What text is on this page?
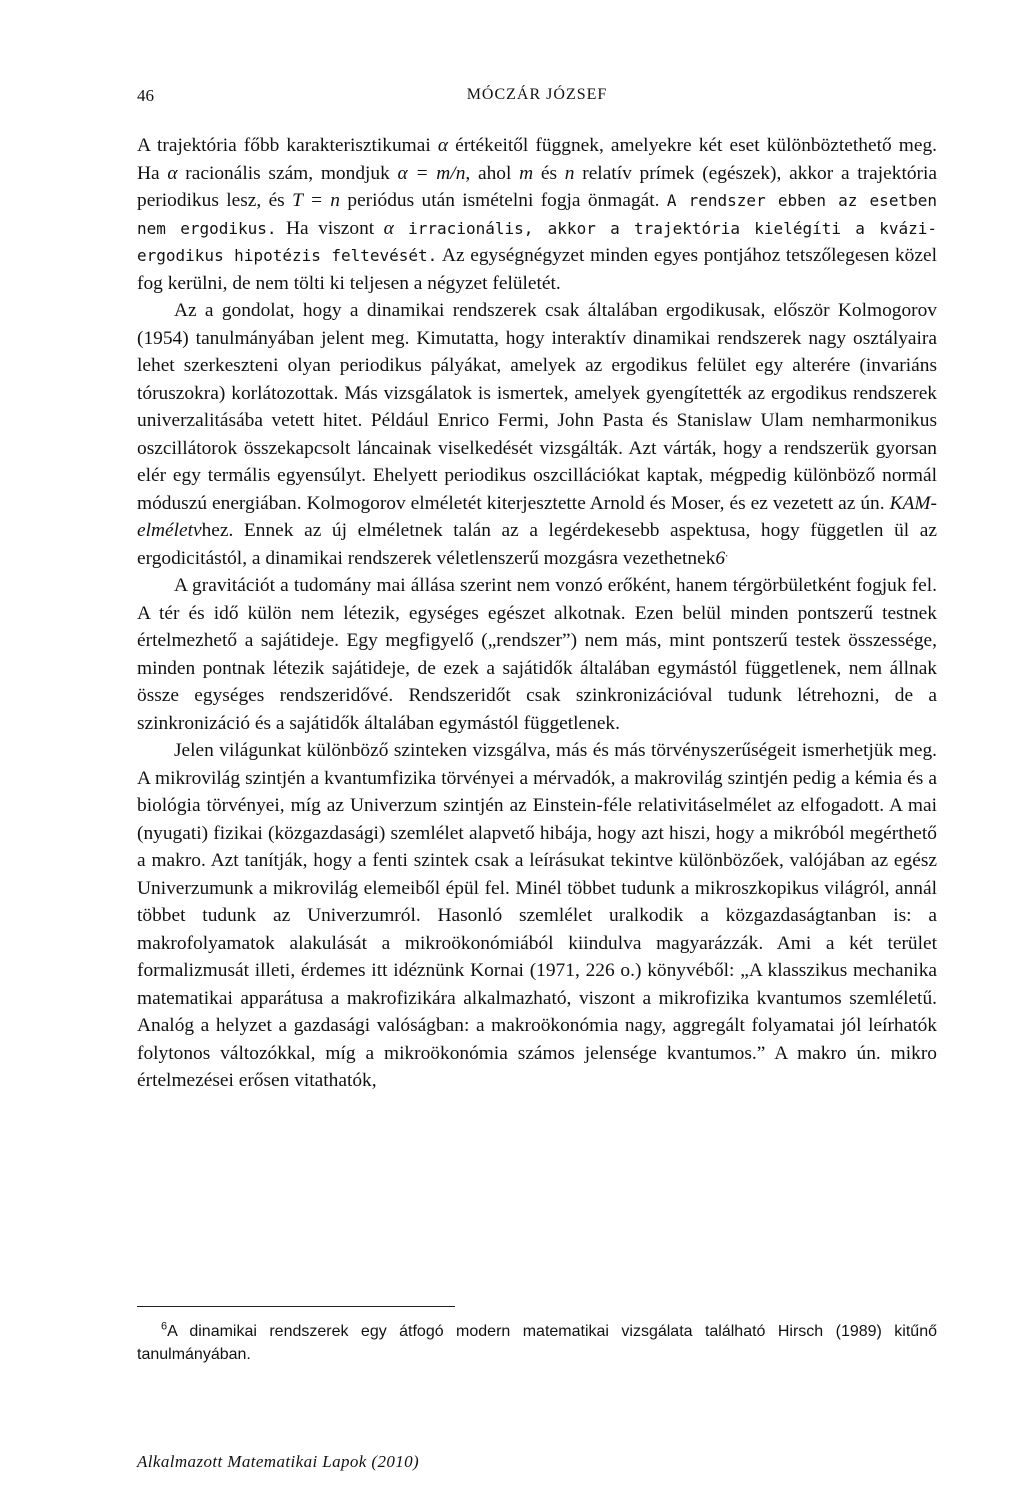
46	MÓCZÁR JÓZSEF

A trajektória főbb karakterisztikumai α értékeitől függnek, amelyekre két eset különböztethető meg. Ha α racionális szám, mondjuk α = m/n, ahol m és n relatív prímek (egészek), akkor a trajektória periodikus lesz, és T = n periódus után ismételni fogja önmagát. A rendszer ebben az esetben nem ergodikus. Ha viszont α irracionális, akkor a trajektória kielégíti a kvázi-ergodikus hipotézis feltevését. Az egységnégyzet minden egyes pontjához tetszőlegesen közel fog kerülni, de nem tölti ki teljesen a négyzet felületét.

Az a gondolat, hogy a dinamikai rendszerek csak általában ergodikusak, először Kolmogorov (1954) tanulmányában jelent meg. Kimutatta, hogy interaktív dinamikai rendszerek nagy osztályaira lehet szerkeszteni olyan periodikus pályákat, amelyek az ergodikus felület egy alterére (invariáns tóruszokra) korlátozottak. Más vizsgálatok is ismertek, amelyek gyengítették az ergodikus rendszerek univerzalitásába vetett hitet. Például Enrico Fermi, John Pasta és Stanislaw Ulam nemharmonikus oszcillátorok összekapcsolt láncainak viselkedését vizsgálták. Azt várták, hogy a rendszerük gyorsan elér egy termális egyensúlyt. Ehelyett periodikus oszcillációkat kaptak, mégpedig különböző normál móduszú energiában. Kolmogorov elméletét kiterjesztette Arnold és Moser, és ez vezetett az ún. KAM-elméletvhez. Ennek az új elméletnek talán az a legérdekesebb aspektusa, hogy független ül az ergodicitástól, a dinamikai rendszerek véletlenszerű mozgásra vezethetnek6.

A gravitációt a tudomány mai állása szerint nem vonzó erőként, hanem térgörbületként fogjuk fel. A tér és idő külön nem létezik, egységes egészet alkotnak. Ezen belül minden pontszerű testnek értelmezhető a sajátideje. Egy megfigyelő („rendszer”) nem más, mint pontszerű testek összessége, minden pontnak létezik sajátideje, de ezek a sajátidők általában egymástól függetlenek, nem állnak össze egységes rendszeridővé. Rendszeridőt csak szinkronizációval tudunk létrehozni, de a szinkronizáció és a sajátidők általában egymástól függetlenek.

Jelen világunkat különböző szinteken vizsgálva, más és más törvényszerűségeit ismerhetjük meg. A mikrovilág szintjén a kvantumfizika törvényei a mérvadók, a makrovilág szintjén pedig a kémia és a biológia törvényei, míg az Univerzum szintjén az Einstein-féle relativitáselmélet az elfogadott. A mai (nyugati) fizikai (közgazdasági) szemlélet alapvető hibája, hogy azt hiszi, hogy a mikróból megérthető a makro. Azt tanítják, hogy a fenti szintek csak a leírásukat tekintve különbözőek, valójában az egész Univerzumunk a mikrovilág elemeiből épül fel. Minél többet tudunk a mikroszkopikus világról, annál többet tudunk az Univerzumról. Hasonló szemlélet uralkodik a közgazdaságtanban is: a makrofolyamatok alakulását a mikroökonómiából kiindulva magyarázzák. Ami a két terület formalizmusát illeti, érdemes itt idéznünk Kornai (1971, 226 o.) könyvéből: „A klasszikus mechanika matematikai apparátusa a makrofizikára alkalmazható, viszont a mikrofizika kvantumos szemléletű. Analóg a helyzet a gazdasági valóságban: a makroökonómia nagy, aggregált folyamatai jól leírhatók folytonos változókkal, míg a mikroökonómia számos jelensége kvantumos.” A makro ún. mikro értelmezései erősen vitathatók,

$^6$A dinamikai rendszerek egy átfogó modern matematikai vizsgálata található Hirsch (1989) kitűnő tanulmányában.
Alkalmazott Matematikai Lapok (2010)
